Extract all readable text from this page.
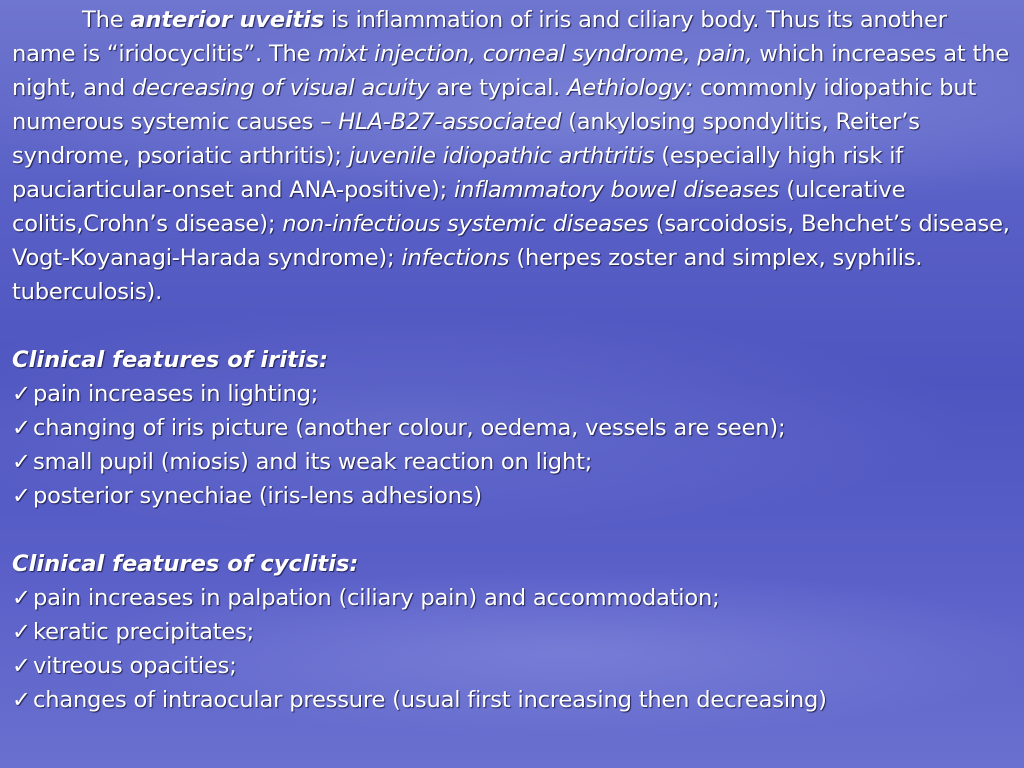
The anterior uveitis is inflammation of iris and ciliary body. Thus its another name is “iridocyclitis”. The mixt injection, corneal syndrome, pain, which increases at the night, and decreasing of visual acuity are typical. Aethiology: commonly idiopathic but numerous systemic causes – HLA-B27-associated (ankylosing spondylitis, Reiter’s syndrome, psoriatic arthritis); juvenile idiopathic arthtritis (especially high risk if pauciarticular-onset and ANA-positive); inflammatory bowel diseases (ulcerative colitis,Crohn’s disease); non-infectious systemic diseases (sarcoidosis, Behchet’s disease, Vogt-Koyanagi-Harada syndrome); infections (herpes zoster and simplex, syphilis. tuberculosis).

Clinical features of iritis:

✓ pain increases in lighting;
✓ changing of iris picture (another colour, oedema, vessels are seen);
✓ small pupil (miosis) and its weak reaction on light;
✓ posterior synechiae (iris-lens adhesions)

Clinical features of cyclitis:

✓ pain increases in palpation (ciliary pain) and accommodation;
✓ keratic precipitates;
✓ vitreous opacities;
✓ changes of intraocular pressure (usual first increasing then decreasing)
